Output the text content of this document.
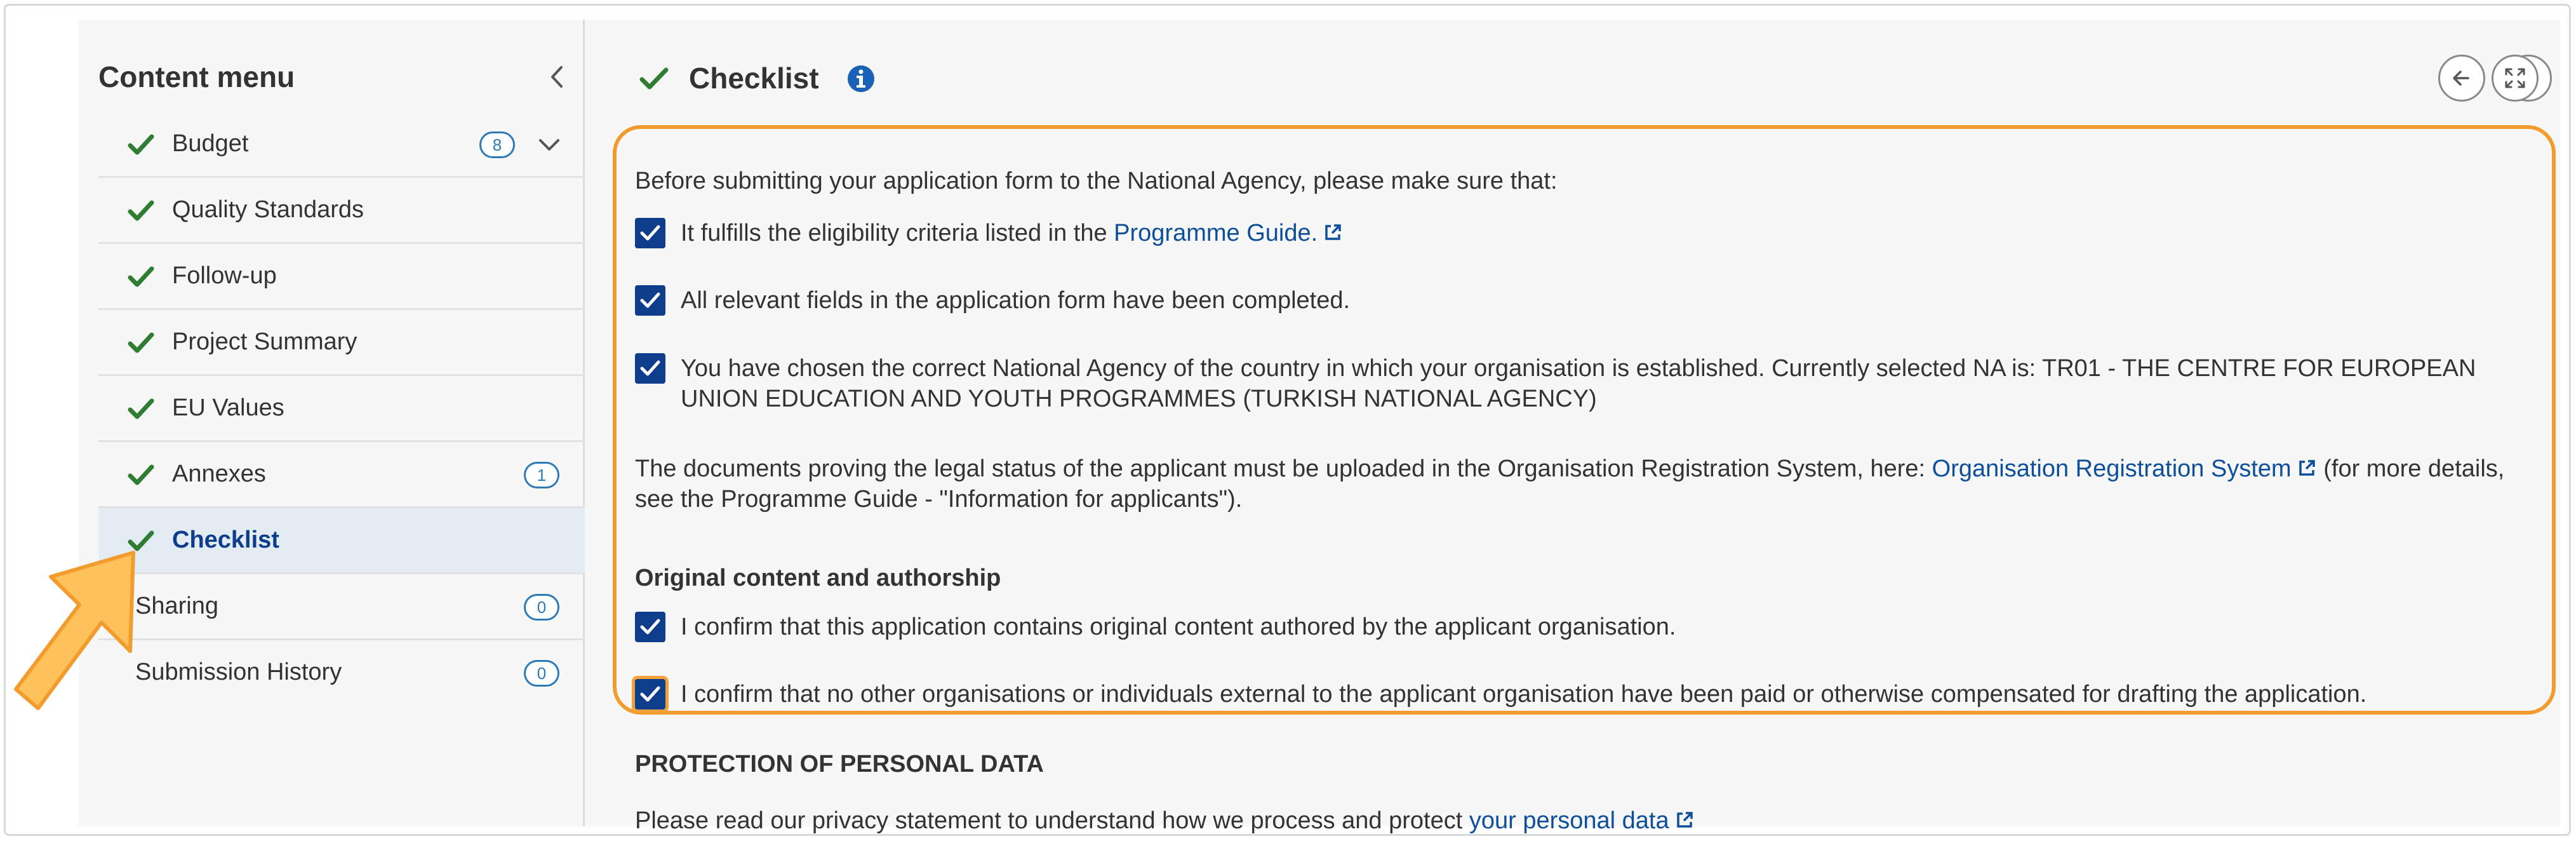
Content menu
Budget	8
Quality Standards
Follow-up
Project Summary
EU Values
Annexes	1
Checklist
Sharing	0
Submission History	0
Checklist
Before submitting your application form to the National Agency, please make sure that:
It fulfills the eligibility criteria listed in the Programme Guide.
All relevant fields in the application form have been completed.
You have chosen the correct National Agency of the country in which your organisation is established. Currently selected NA is: TR01 - THE CENTRE FOR EUROPEAN UNION EDUCATION AND YOUTH PROGRAMMES (TURKISH NATIONAL AGENCY)
The documents proving the legal status of the applicant must be uploaded in the Organisation Registration System, here: Organisation Registration System (for more details, see the Programme Guide - "Information for applicants").
Original content and authorship
I confirm that this application contains original content authored by the applicant organisation.
I confirm that no other organisations or individuals external to the applicant organisation have been paid or otherwise compensated for drafting the application.
PROTECTION OF PERSONAL DATA
Please read our privacy statement to understand how we process and protect your personal data
